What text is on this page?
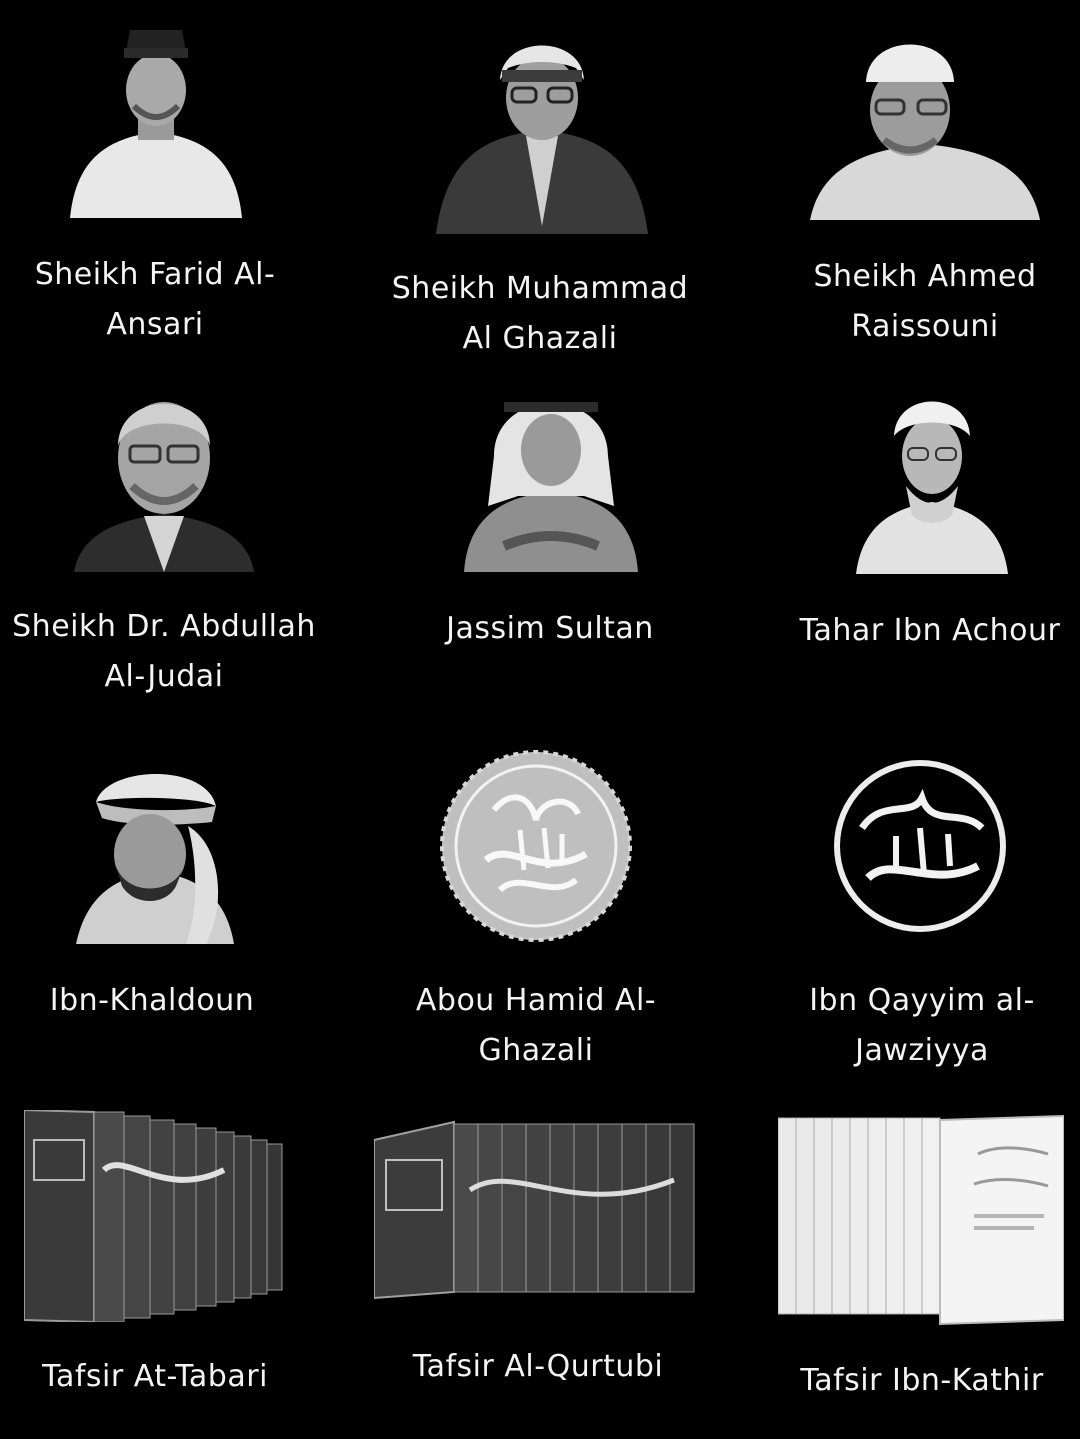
Sheikh Farid Al-
Ansari
Sheikh Muhammad
Al Ghazali
Sheikh Ahmed
Raissouni
Sheikh Dr. Abdullah
Al-Judai
Jassim Sultan	Tahar Ibn Achour
Ibn-Khaldoun	Abou Hamid Al-
Ghazali
Ibn Qayyim al-
Jawziyya
Tafsir At-Tabari	Tafsir Al-Qurtubi	Tafsir Ibn-Kathir
